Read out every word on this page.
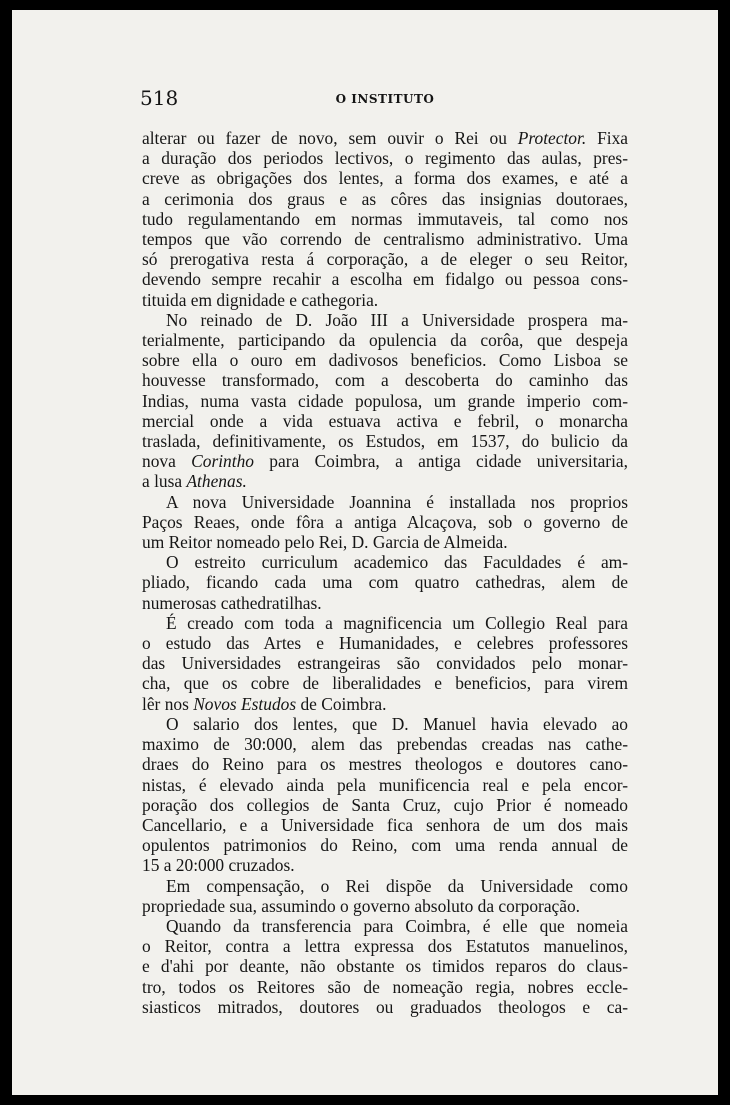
518	O INSTITUTO
alterar ou fazer de novo, sem ouvir o Rei ou Protector. Fixa
a duração dos periodos lectivos, o regimento das aulas, pres-
creve as obrigações dos lentes, a forma dos exames, e até a
a cerimonia dos graus e as côres das insignias doutoraes,
tudo regulamentando em normas immutaveis, tal como nos
tempos que vão correndo de centralismo administrativo. Uma
só prerogativa resta á corporação, a de eleger o seu Reitor,
devendo sempre recahir a escolha em fidalgo ou pessoa cons-
tituida em dignidade e cathegoria.
No reinado de D. João III a Universidade prospera ma-
terialmente, participando da opulencia da corôa, que despeja
sobre ella o ouro em dadivosos beneficios. Como Lisboa se
houvesse transformado, com a descoberta do caminho das
Indias, numa vasta cidade populosa, um grande imperio com-
mercial onde a vida estuava activa e febril, o monarcha
traslada, definitivamente, os Estudos, em 1537, do bulicio da
nova Corintho para Coimbra, a antiga cidade universitaria,
a lusa Athenas.
A nova Universidade Joannina é installada nos proprios
Paços Reaes, onde fôra a antiga Alcaçova, sob o governo de
um Reitor nomeado pelo Rei, D. Garcia de Almeida.
O estreito curriculum academico das Faculdades é am-
pliado, ficando cada uma com quatro cathedras, alem de
numerosas cathedratilhas.
É creado com toda a magnificencia um Collegio Real para
o estudo das Artes e Humanidades, e celebres professores
das Universidades estrangeiras são convidados pelo monar-
cha, que os cobre de liberalidades e beneficios, para virem
lêr nos Novos Estudos de Coimbra.
O salario dos lentes, que D. Manuel havia elevado ao
maximo de 30:000, alem das prebendas creadas nas cathe-
draes do Reino para os mestres theologos e doutores cano-
nistas, é elevado ainda pela munificencia real e pela encor-
poração dos collegios de Santa Cruz, cujo Prior é nomeado
Cancellario, e a Universidade fica senhora de um dos mais
opulentos patrimonios do Reino, com uma renda annual de
15 a 20:000 cruzados.
Em compensação, o Rei dispõe da Universidade como
propriedade sua, assumindo o governo absoluto da corporação.
Quando da transferencia para Coimbra, é elle que nomeia
o Reitor, contra a lettra expressa dos Estatutos manuelinos,
e d'ahi por deante, não obstante os timidos reparos do claus-
tro, todos os Reitores são de nomeação regia, nobres eccle-
siasticos mitrados, doutores ou graduados theologos e ca-
